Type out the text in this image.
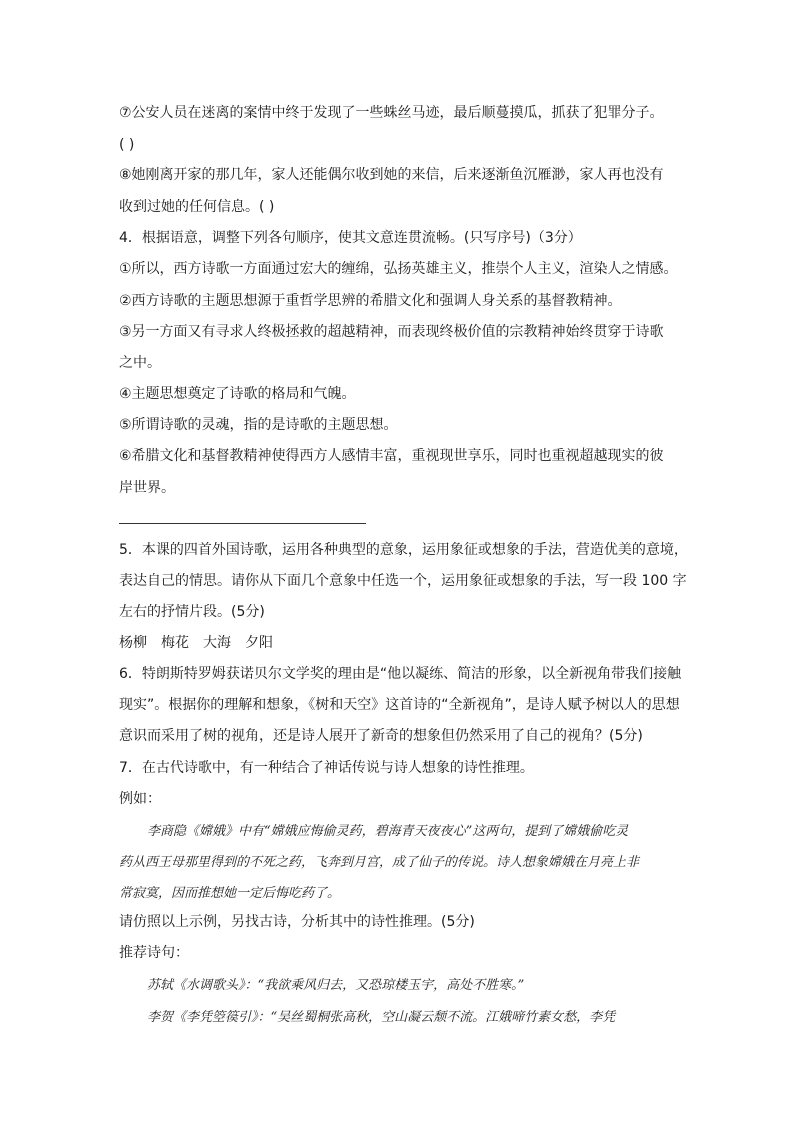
⑦公安人员在迷离的案情中终于发现了一些蛛丝马迹，最后顺蔓摸瓜，抓获了犯罪分子。

( )

⑧她刚离开家的那几年，家人还能偶尔收到她的来信，后来逐渐鱼沉雁渺，家人再也没有

收到过她的任何信息。( )

4．根据语意，调整下列各句顺序，使其文意连贯流畅。(只写序号)（3分）

①所以，西方诗歌一方面通过宏大的缠绵，弘扬英雄主义，推崇个人主义，渲染人之情感。

②西方诗歌的主题思想源于重哲学思辨的希腊文化和强调人身关系的基督教精神。

③另一方面又有寻求人终极拯救的超越精神，而表现终极价值的宗教精神始终贯穿于诗歌

之中。

④主题思想奠定了诗歌的格局和气魄。

⑤所谓诗歌的灵魂，指的是诗歌的主题思想。

⑥希腊文化和基督教精神使得西方人感情丰富，重视现世享乐，同时也重视超越现实的彼

岸世界。

5．本课的四首外国诗歌，运用各种典型的意象，运用象征或想象的手法，营造优美的意境，

表达自己的情思。请你从下面几个意象中任选一个，运用象征或想象的手法，写一段 100 字

左右的抒情片段。(5分)

杨柳 梅花 大海 夕阳

6．特朗斯特罗姆获诺贝尔文学奖的理由是“他以凝练、简洁的形象，以全新视角带我们接触

现实”。根据你的理解和想象，《树和天空》这首诗的“全新视角”，是诗人赋予树以人的思想

意识而采用了树的视角，还是诗人展开了新奇的想象但仍然采用了自己的视角？(5分)

7．在古代诗歌中，有一种结合了神话传说与诗人想象的诗性推理。

例如：

李商隐《嫦娥》中有“嫦娥应悔偷灵药，碧海青天夜夜心”这两句，提到了嫦娥偷吃灵

药从西王母那里得到的不死之药，飞奔到月宫，成了仙子的传说。诗人想象嫦娥在月亮上非

常寂寞，因而推想她一定后悔吃药了。

请仿照以上示例，另找古诗，分析其中的诗性推理。(5分)

推荐诗句：

苏轼《水调歌头》：“我欲乘风归去，又恐琼楼玉宇，高处不胜寒。”

李贺《李凭箜篌引》：“吴丝蜀桐张高秋，空山凝云颓不流。江娥啼竹素女愁，李凭
